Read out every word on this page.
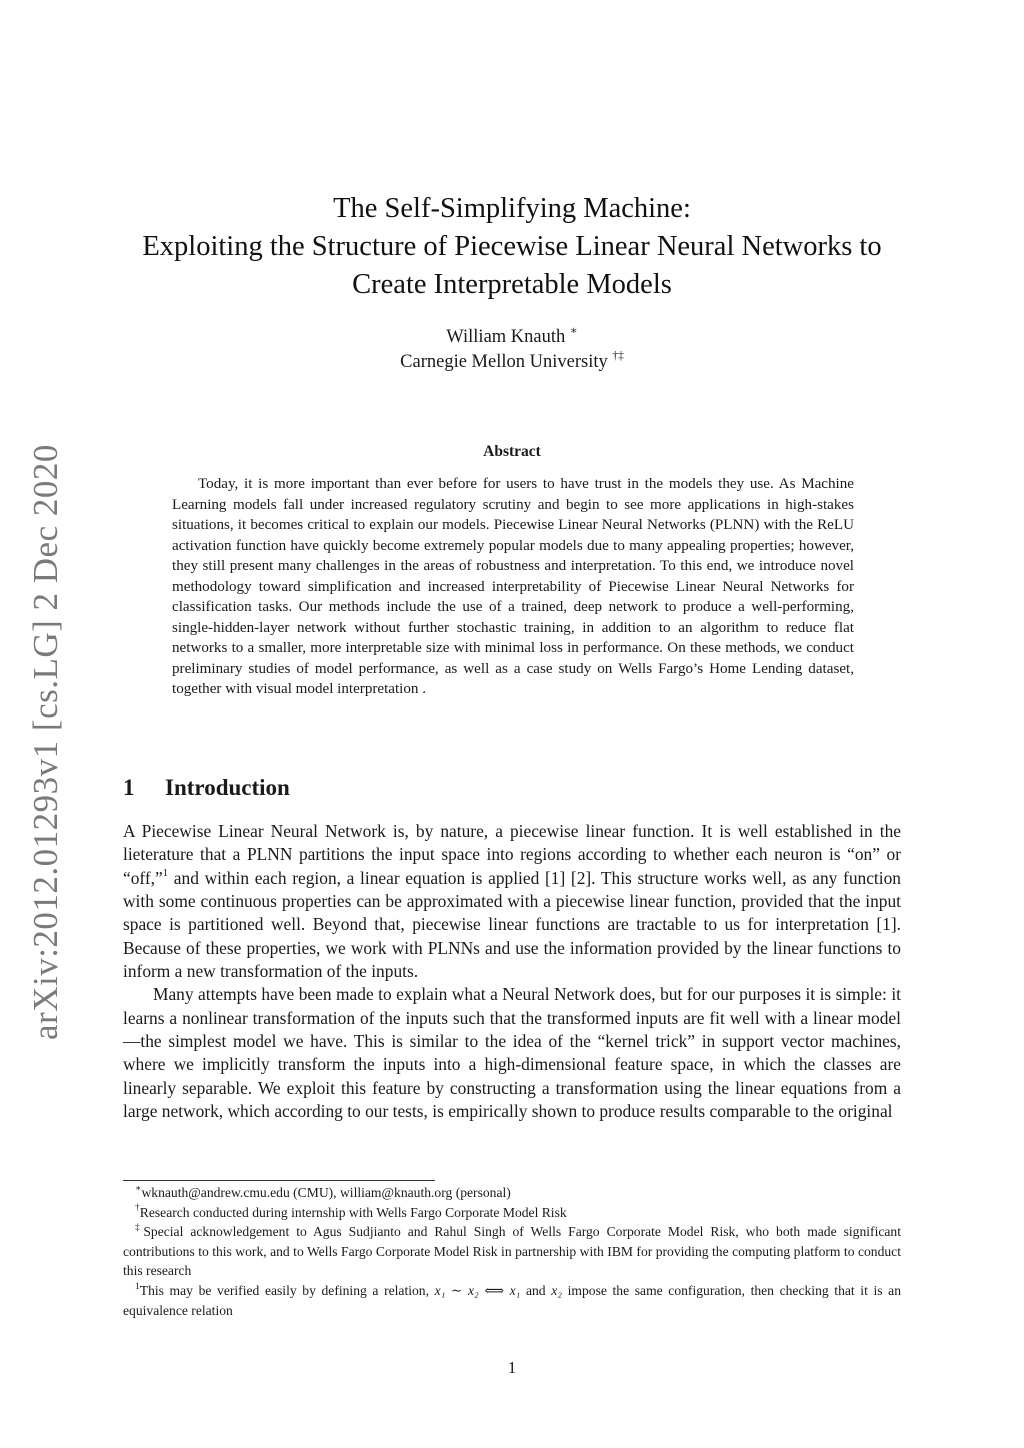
arXiv:2012.01293v1 [cs.LG] 2 Dec 2020
The Self-Simplifying Machine:
Exploiting the Structure of Piecewise Linear Neural Networks to
Create Interpretable Models
William Knauth ∗
Carnegie Mellon University †‡
Abstract

Today, it is more important than ever before for users to have trust in the models they use. As Machine Learning models fall under increased regulatory scrutiny and begin to see more applications in high-stakes situations, it becomes critical to explain our models. Piecewise Linear Neural Networks (PLNN) with the ReLU activation function have quickly become extremely popular models due to many appealing properties; however, they still present many challenges in the areas of robustness and interpretation. To this end, we introduce novel methodology toward simplification and increased interpretability of Piecewise Linear Neural Networks for classification tasks. Our methods include the use of a trained, deep network to produce a well-performing, single-hidden-layer network without further stochastic training, in addition to an algorithm to reduce flat networks to a smaller, more interpretable size with minimal loss in performance. On these methods, we conduct preliminary studies of model performance, as well as a case study on Wells Fargo’s Home Lending dataset, together with visual model interpretation .

1 Introduction

A Piecewise Linear Neural Network is, by nature, a piecewise linear function. It is well established in the lieterature that a PLNN partitions the input space into regions according to whether each neuron is “on” or “off,”$^1$ and within each region, a linear equation is applied [1] [2]. This structure works well, as any function with some continuous properties can be approximated with a piecewise linear function, provided that the input space is partitioned well. Beyond that, piecewise linear functions are tractable to us for interpretation [1]. Because of these properties, we work with PLNNs and use the information provided by the linear functions to inform a new transformation of the inputs.

Many attempts have been made to explain what a Neural Network does, but for our purposes it is simple: it learns a nonlinear transformation of the inputs such that the transformed inputs are fit well with a linear model—the simplest model we have. This is similar to the idea of the “kernel trick” in support vector machines, where we implicitly transform the inputs into a high-dimensional feature space, in which the classes are linearly separable. We exploit this feature by constructing a transformation using the linear equations from a large network, which according to our tests, is empirically shown to produce results comparable to the original

∗wknauth@andrew.cmu.edu (CMU), william@knauth.org (personal)

†Research conducted during internship with Wells Fargo Corporate Model Risk

‡Special acknowledgement to Agus Sudjianto and Rahul Singh of Wells Fargo Corporate Model Risk, who both made significant contributions to this work, and to Wells Fargo Corporate Model Risk in partnership with IBM for providing the computing platform to conduct this research

$^1$This may be verified easily by defining a relation, x₁ ∼ x₂ ⟺ x₁ and x₂ impose the same configuration, then checking that it is an equivalence relation

1
